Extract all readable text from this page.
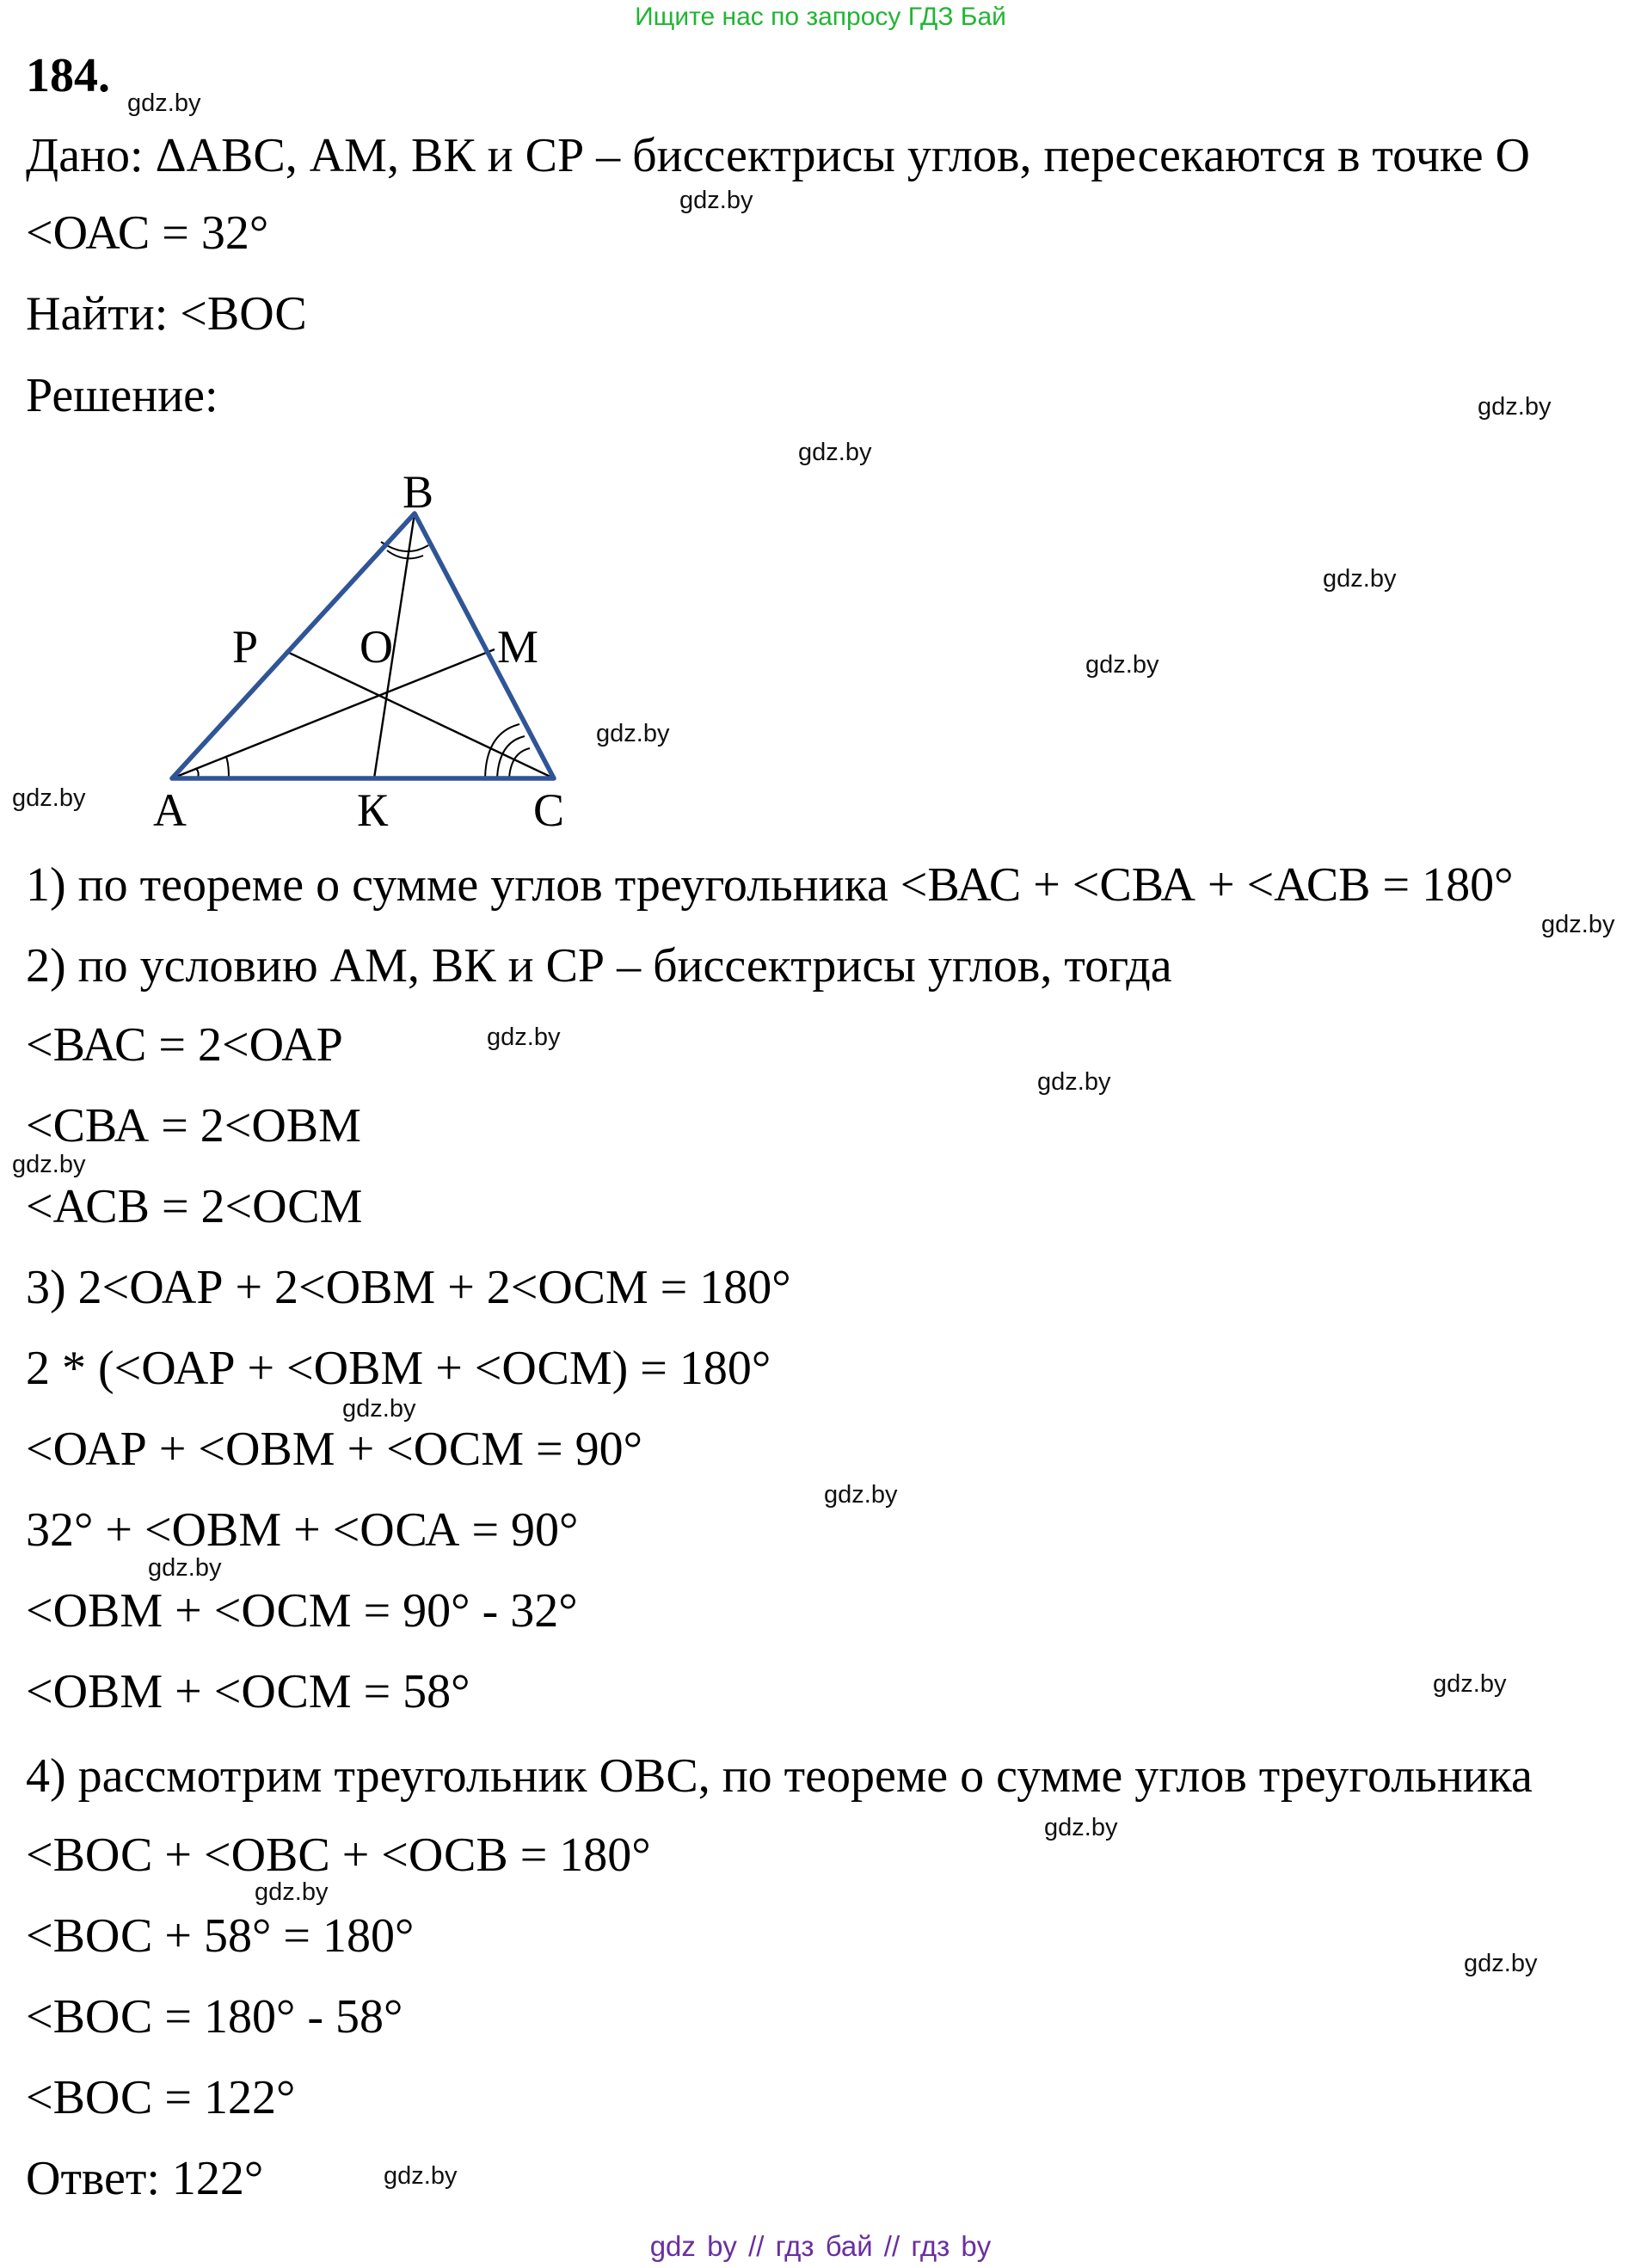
Ищите нас по запросу ГДЗ Бай
184.
Дано: ΔАВС, АМ, ВК и СР – биссектрисы углов, пересекаются в точке О
<ОАС = 32°
Найти: <ВОС
Решение:
В
Р О М
А	К	С
1) по теореме о сумме углов треугольника <ВАС + <СВА + <АСВ = 180°
2) по условию АМ, ВК и СР – биссектрисы углов, тогда
<ВАС = 2<ОАР
<СВА = 2<ОВМ
<АСВ = 2<ОСМ
3) 2<ОАР + 2<ОВМ + 2<ОСМ = 180°
2 * (<ОАР + <ОВМ + <ОСМ) = 180°
<ОАР + <ОВМ + <ОСМ = 90°
32° + <ОВМ + <ОСА = 90°
<ОВМ + <ОСМ = 90° - 32°
<ОВМ + <ОСМ = 58°
4) рассмотрим треугольник ОВС, по теореме о сумме углов треугольника
<ВОС + <ОВС + <ОСВ = 180°
<ВОС + 58° = 180°
<ВОС = 180° - 58°
<ВОС = 122°
Ответ: 122°
gdz.by
gdz.by
gdz.by
gdz.by
gdz.by
gdz.by
gdz.by
gdz.by
gdz.by
gdz.by
gdz.by
gdz.by
gdz.by
gdz.by
gdz.by
gdz.by
gdz.by
gdz.by
gdz.by
gdz.by
gdz by // гдз бай // гдз by
